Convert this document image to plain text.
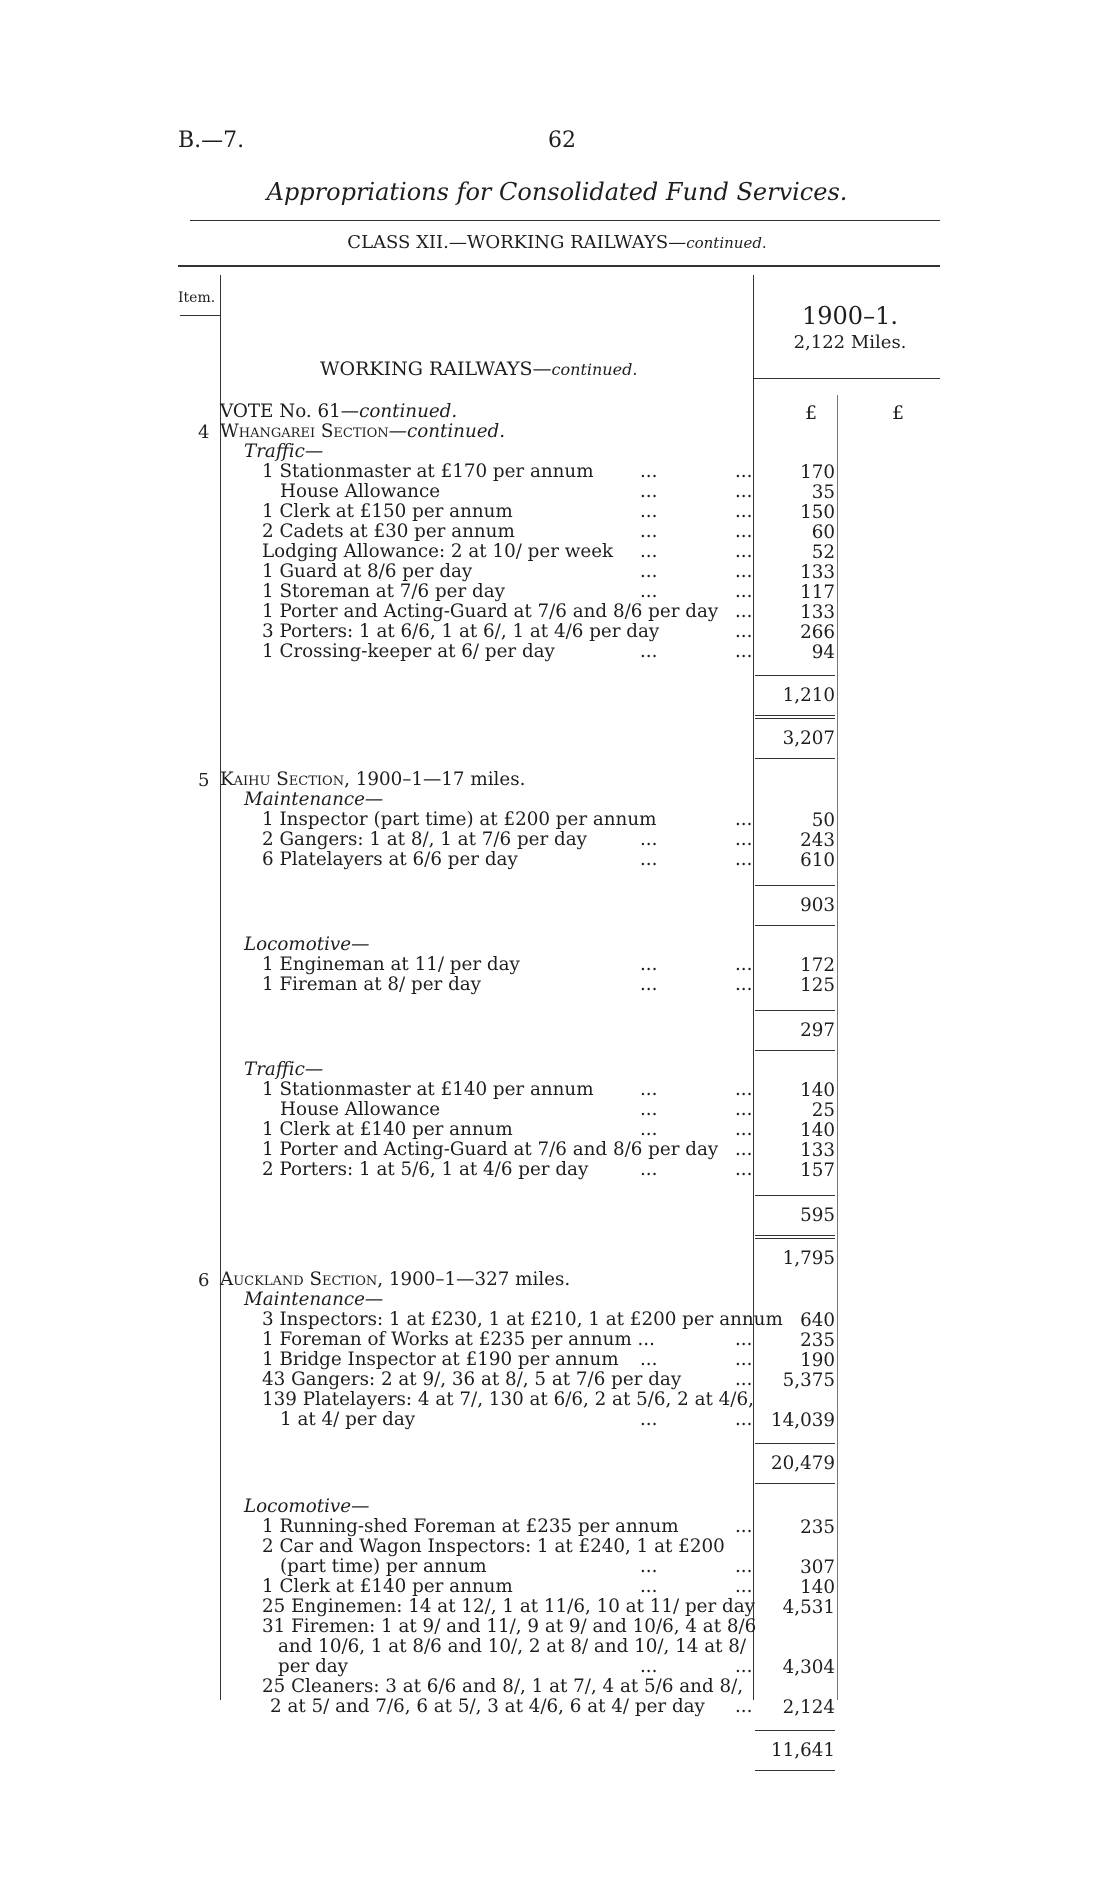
B.—7.	62
Appropriations for Consolidated Fund Services.
CLASS XII.—WORKING RAILWAYS—continued.
Item.
1900–1.
2,122 Miles.
WORKING RAILWAYS—continued.
£	£
VOTE No. 61—continued.
4 Whangarei Section—continued.
Traffic—
1 Stationmaster at £170 per annum	...	...	170
House Allowance	...	...	35
1 Clerk at £150 per annum	...	...	150
2 Cadets at £30 per annum	...	...	60
Lodging Allowance: 2 at 10/ per week ...	...	52
1 Guard at 8/6 per day	...	...	133
1 Storeman at 7/6 per day	...	...	117
1 Porter and Acting-Guard at 7/6 and 8/6 per day ...	133
3 Porters: 1 at 6/6, 1 at 6/, 1 at 4/6 per day	...	266
1 Crossing-keeper at 6/ per day	...	...	94
1,210
3,207
5 Kaihu Section, 1900–1—17 miles.
Maintenance—
1 Inspector (part time) at £200 per annum	...	50
2 Gangers: 1 at 8/, 1 at 7/6 per day	...	...	243
6 Platelayers at 6/6 per day	...	...	610
903
Locomotive—
1 Engineman at 11/ per day	...	...	172
1 Fireman at 8/ per day	...	...	125
297
Traffic—
1 Stationmaster at £140 per annum	...	...	140
House Allowance	...	...	25
1 Clerk at £140 per annum	...	...	140
1 Porter and Acting-Guard at 7/6 and 8/6 per day ...	133
2 Porters: 1 at 5/6, 1 at 4/6 per day	...	...	157
595
1,795
6 Auckland Section, 1900–1—327 miles.
Maintenance—
3 Inspectors: 1 at £230, 1 at £210, 1 at £200 per annum 640
1 Foreman of Works at £235 per annum ...	...	235
1 Bridge Inspector at £190 per annum ...	...	190
43 Gangers: 2 at 9/, 36 at 8/, 5 at 7/6 per day	...	5,375
139 Platelayers: 4 at 7/, 130 at 6/6, 2 at 5/6, 2 at 4/6,
1 at 4/ per day	...	...	14,039
20,479
Locomotive—
1 Running-shed Foreman at £235 per annum	...	235
2 Car and Wagon Inspectors: 1 at £240, 1 at £200
(part time) per annum	...	...	307
1 Clerk at £140 per annum	...	...	140
25 Enginemen: 14 at 12/, 1 at 11/6, 10 at 11/ per day	4,531
31 Firemen: 1 at 9/ and 11/, 9 at 9/ and 10/6, 4 at 8/6
and 10/6, 1 at 8/6 and 10/, 2 at 8/ and 10/, 14 at 8/
per day	...	...	4,304
25 Cleaners: 3 at 6/6 and 8/, 1 at 7/, 4 at 5/6 and 8/,
2 at 5/ and 7/6, 6 at 5/, 3 at 4/6, 6 at 4/ per day ...	2,124
11,641
